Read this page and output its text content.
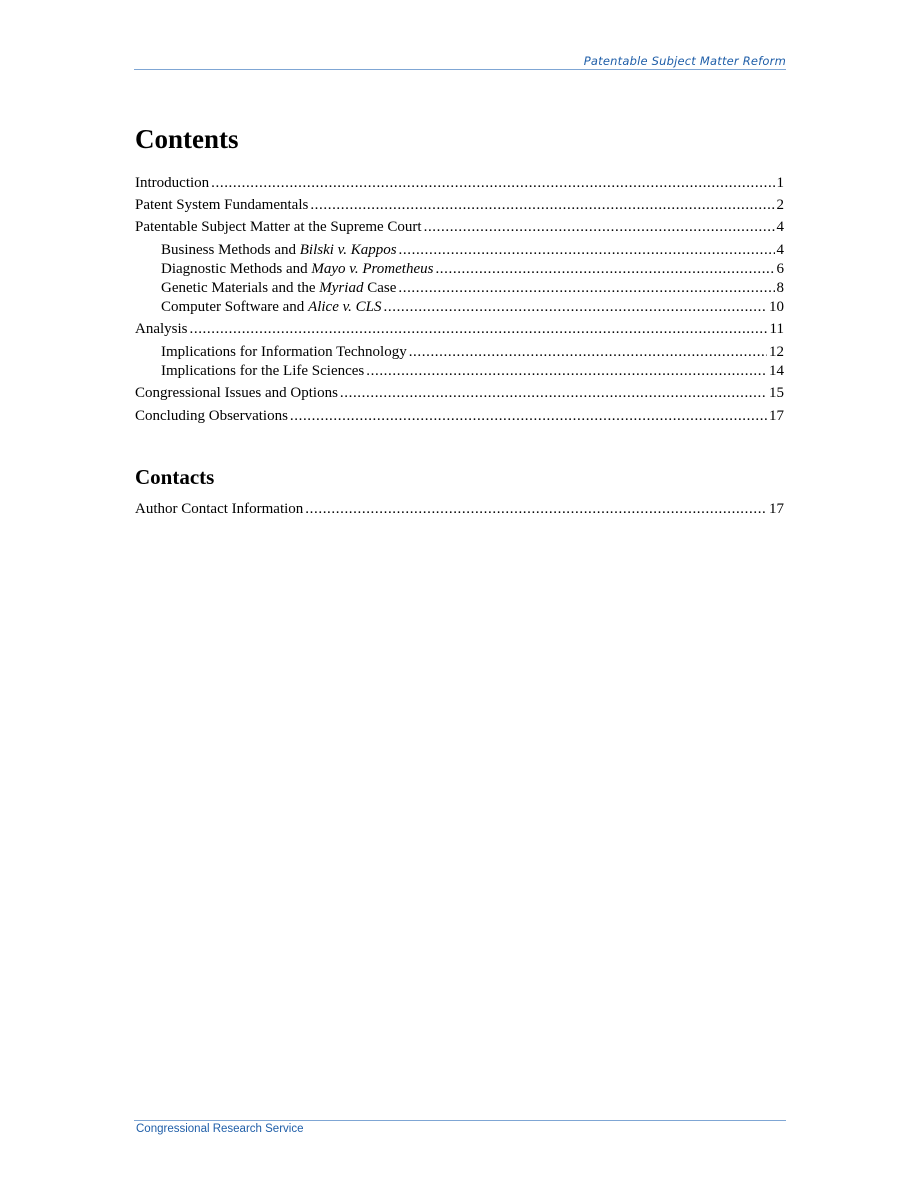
Patentable Subject Matter Reform
Contents
Introduction .....	1
Patent System Fundamentals .....	2
Patentable Subject Matter at the Supreme Court .....	4
Business Methods and Bilski v. Kappos .....	4
Diagnostic Methods and Mayo v. Prometheus .....	6
Genetic Materials and the Myriad Case .....	8
Computer Software and Alice v. CLS .....	10
Analysis .....	11
Implications for Information Technology .....	12
Implications for the Life Sciences .....	14
Congressional Issues and Options .....	15
Concluding Observations .....	17
Contacts
Author Contact Information .....	17
Congressional Research Service
